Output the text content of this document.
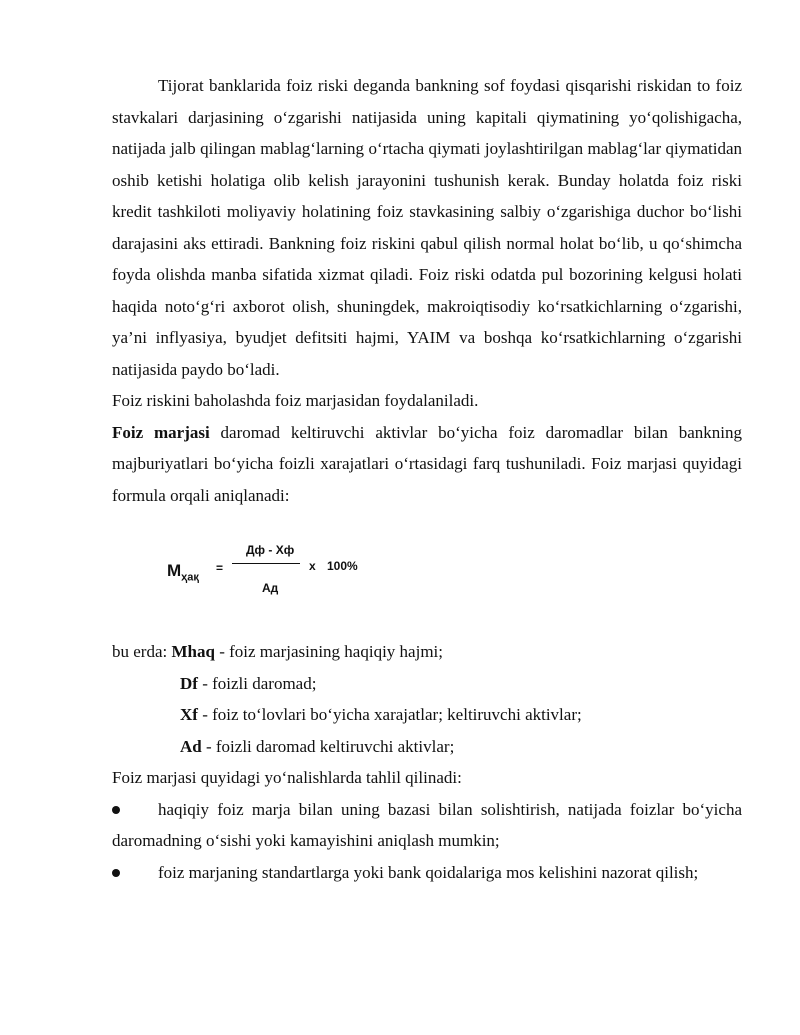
Tijorat banklarida foiz riski deganda bankning sof foydasi qisqarishi riskidan to foiz stavkalari darjasining o‘zgarishi natijasida uning kapitali qiymatining yo‘qolishigacha, natijada jalb qilingan mablag‘larning o‘rtacha qiymati joylashtirilgan mablag‘lar qiymatidan oshib ketishi holatiga olib kelish jarayonini tushunish kerak. Bunday holatda foiz riski kredit tashkiloti moliyaviy holatining foiz stavkasining salbiy o‘zgarishiga duchor bo‘lishi darajasini aks ettiradi. Bankning foiz riskini qabul qilish normal holat bo‘lib, u qo‘shimcha foyda olishda manba sifatida xizmat qiladi. Foiz riski odatda pul bozorining kelgusi holati haqida noto‘g‘ri axborot olish, shuningdek, makroiqtisodiy ko‘rsatkichlarning o‘zgarishi, ya’ni inflyasiya, byudjet defitsiti hajmi, YAIM va boshqa ko‘rsatkichlarning o‘zgarishi natijasida paydo bo‘ladi.

Foiz riskini baholashda foiz marjasidan foydalaniladi.

Foiz marjasi daromad keltiruvchi aktivlar bo‘yicha foiz daromadlar bilan bankning majburiyatlari bo‘yicha foizli xarajatlari o‘rtasidagi farq tushuniladi. Foiz marjasi quyidagi formula orqali aniqlanadi:

$М_{ҳақ}$
=
Дф - Хф
Ад
х 100%
bu erda: Mhaq - foiz marjasining haqiqiy hajmi;
Df - foizli daromad;
Xf - foiz to‘lovlari bo‘yicha xarajatlar; keltiruvchi aktivlar;
Ad - foizli daromad keltiruvchi aktivlar;

Foiz marjasi quyidagi yo‘nalishlarda tahlil qilinadi:

haqiqiy foiz marja bilan uning bazasi bilan solishtirish, natijada foizlar bo‘yicha daromadning o‘sishi yoki kamayishini aniqlash mumkin;
foiz marjaning standartlarga yoki bank qoidalariga mos kelishini nazorat qilish;
